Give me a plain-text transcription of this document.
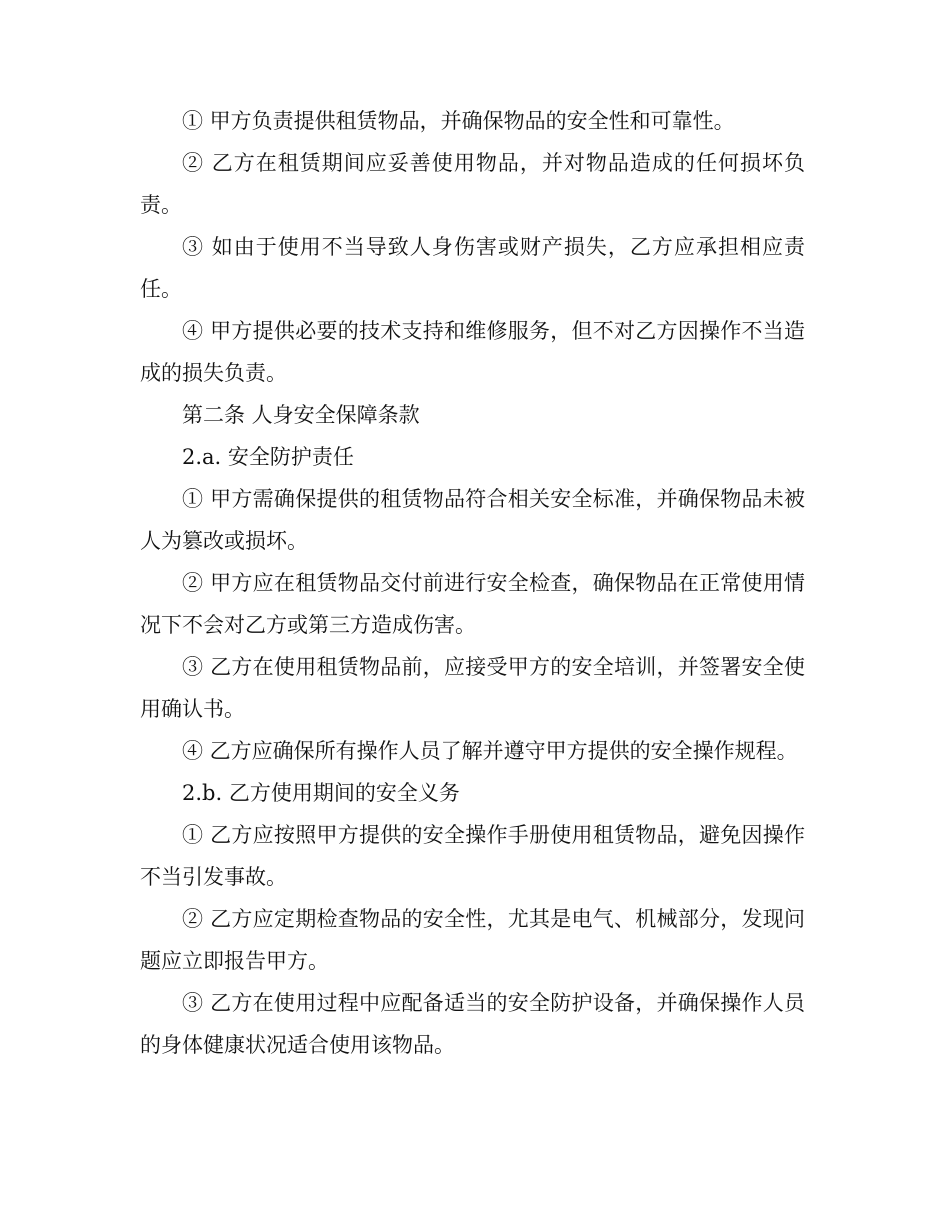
① 甲方负责提供租赁物品，并确保物品的安全性和可靠性。

② 乙方在租赁期间应妥善使用物品，并对物品造成的任何损坏负责。

③ 如由于使用不当导致人身伤害或财产损失，乙方应承担相应责任。

④ 甲方提供必要的技术支持和维修服务，但不对乙方因操作不当造成的损失负责。

第二条 人身安全保障条款

2.a. 安全防护责任

① 甲方需确保提供的租赁物品符合相关安全标准，并确保物品未被人为篡改或损坏。

② 甲方应在租赁物品交付前进行安全检查，确保物品在正常使用情况下不会对乙方或第三方造成伤害。

③ 乙方在使用租赁物品前，应接受甲方的安全培训，并签署安全使用确认书。

④ 乙方应确保所有操作人员了解并遵守甲方提供的安全操作规程。

2.b. 乙方使用期间的安全义务

① 乙方应按照甲方提供的安全操作手册使用租赁物品，避免因操作不当引发事故。

② 乙方应定期检查物品的安全性，尤其是电气、机械部分，发现问题应立即报告甲方。

③ 乙方在使用过程中应配备适当的安全防护设备，并确保操作人员的身体健康状况适合使用该物品。
